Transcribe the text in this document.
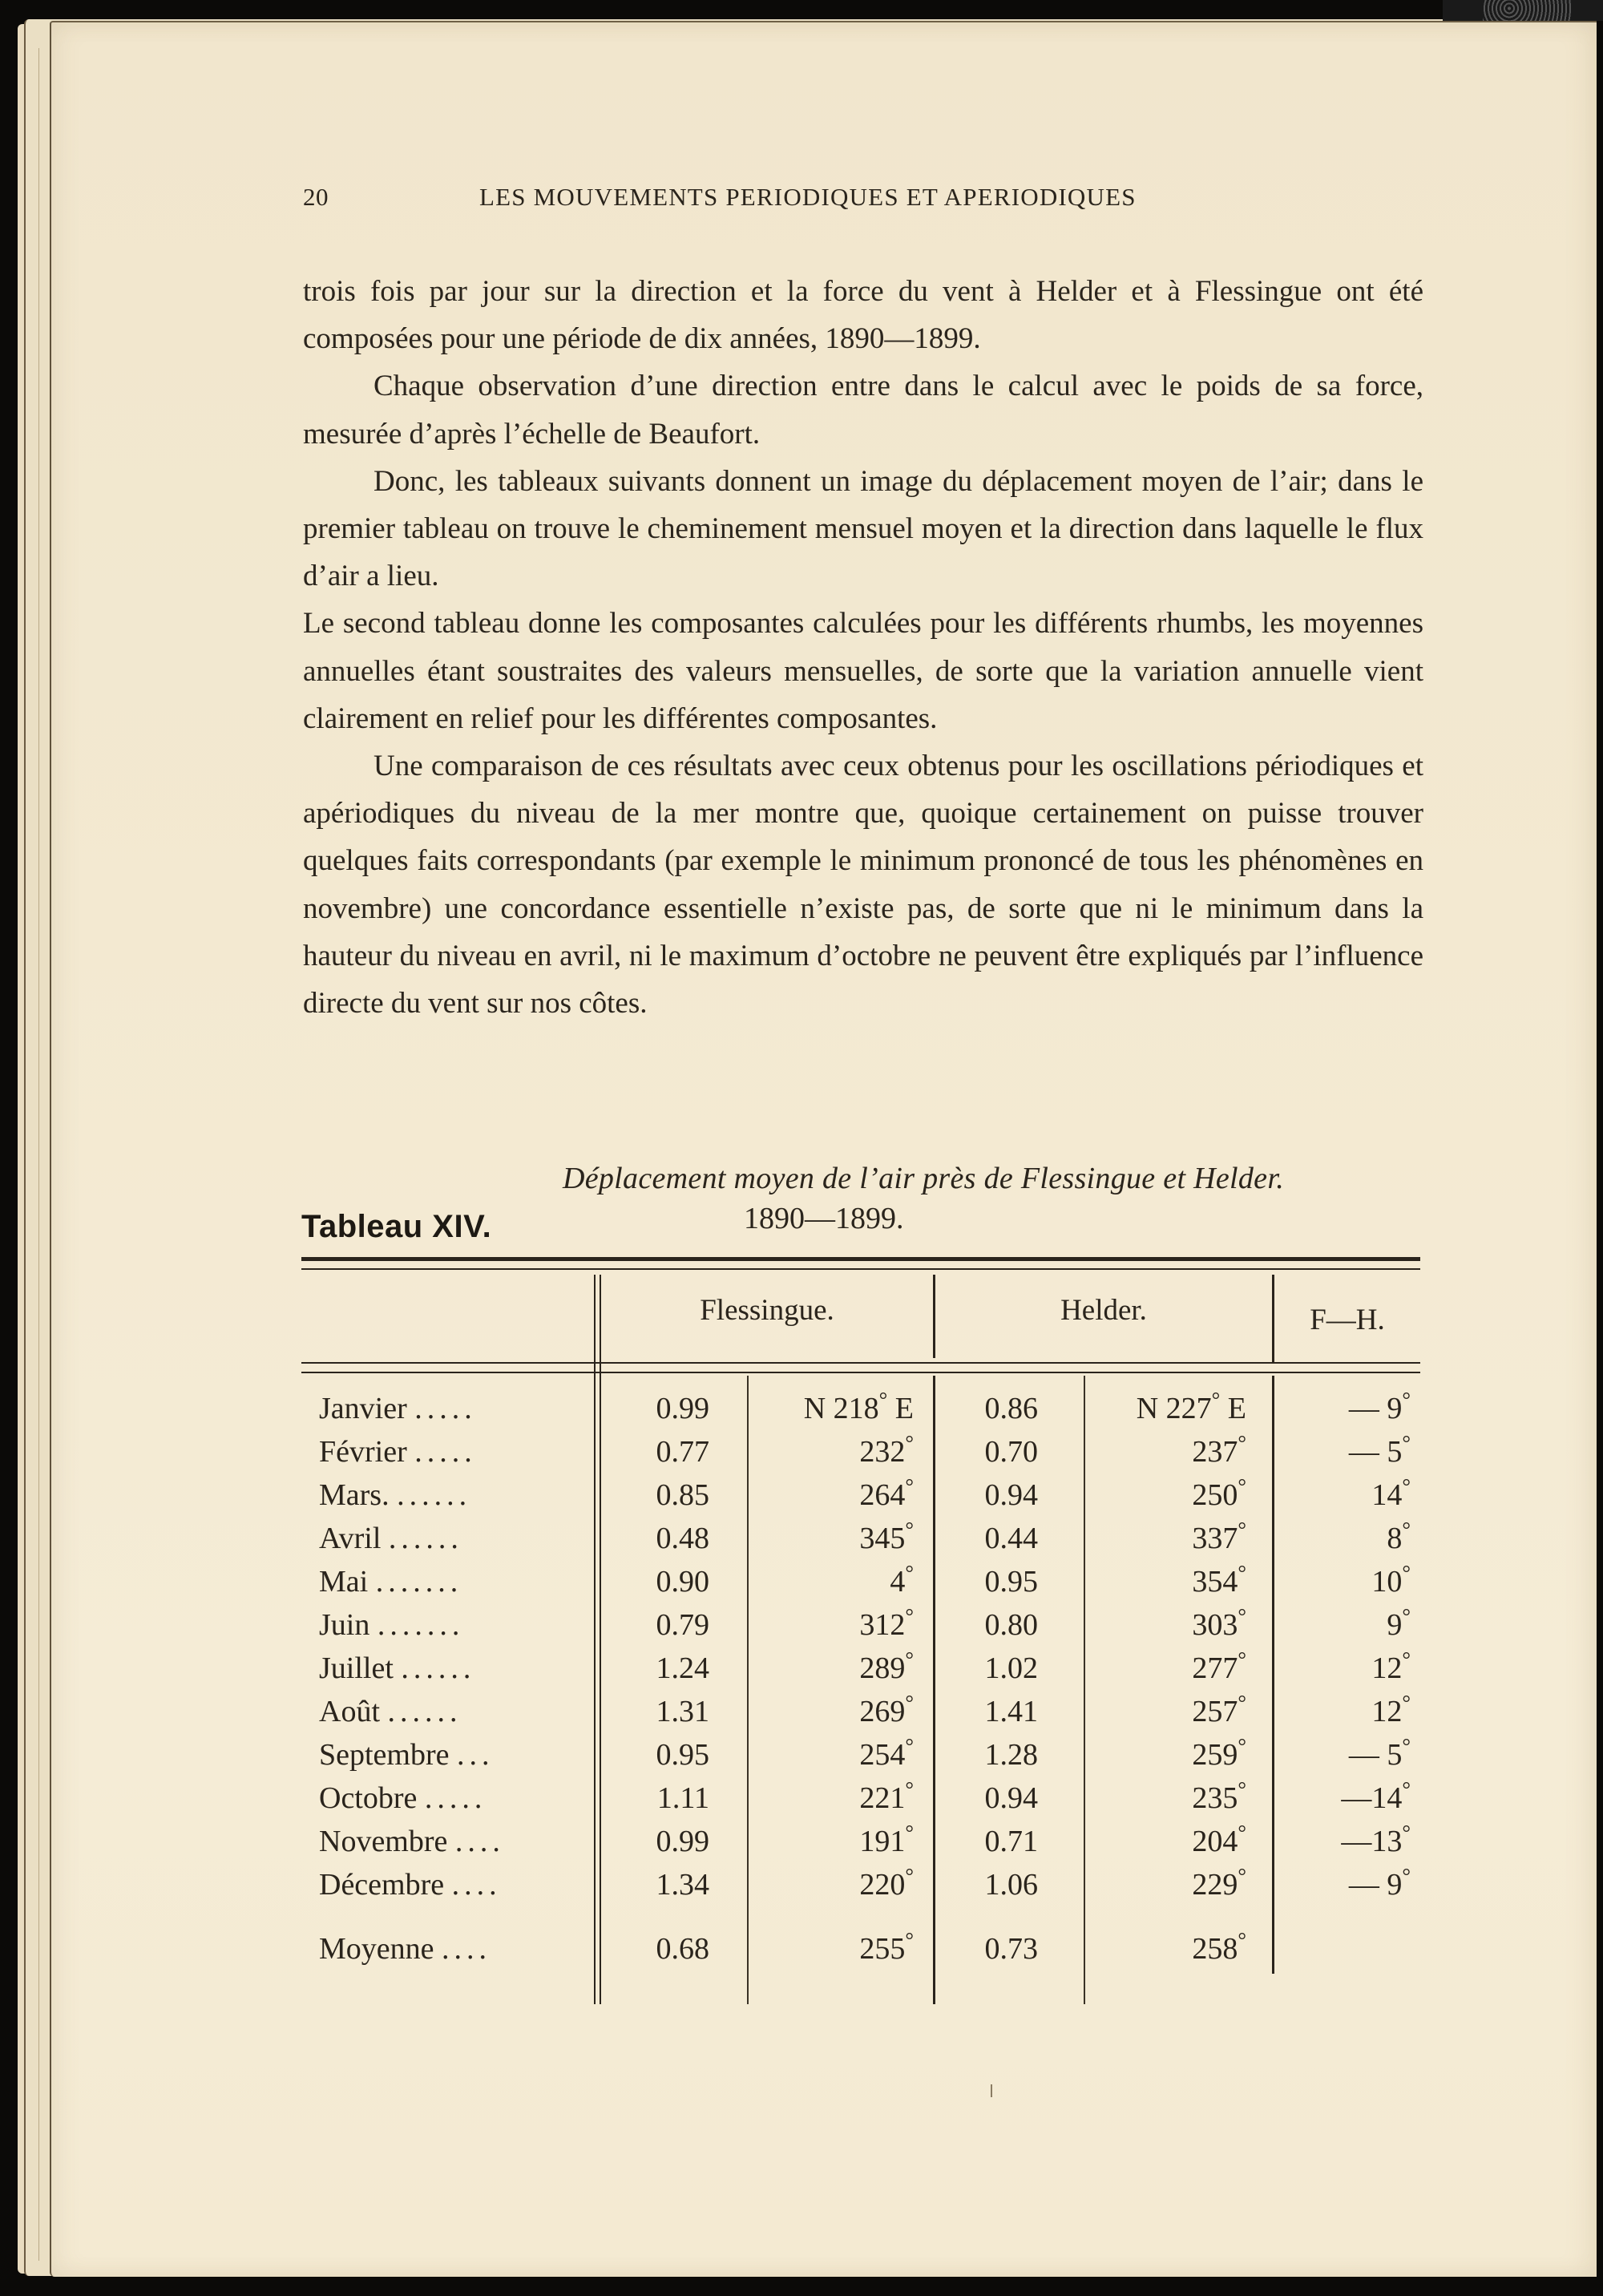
20	LES MOUVEMENTS PERIODIQUES ET APERIODIQUES

trois fois par jour sur la direction et la force du vent à Helder et à Flessingue ont été composées pour une période de dix années, 1890—1899.

Chaque observation d’une direction entre dans le calcul avec le poids de sa force, mesurée d’après l’échelle de Beaufort.

Donc, les tableaux suivants donnent un image du déplacement moyen de l’air; dans le premier tableau on trouve le cheminement mensuel moyen et la direction dans laquelle le flux d’air a lieu.

Le second tableau donne les composantes calculées pour les différents rhumbs, les moyennes annuelles étant soustraites des valeurs mensuelles, de sorte que la variation annuelle vient clairement en relief pour les différentes composantes.

Une comparaison de ces résultats avec ceux obtenus pour les oscillations périodiques et apériodiques du niveau de la mer montre que, quoique certainement on puisse trouver quelques faits correspondants (par exemple le minimum prononcé de tous les phénomènes en novembre) une concordance essentielle n’existe pas, de sorte que ni le minimum dans la hauteur du niveau en avril, ni le maximum d’octobre ne peuvent être expliqués par l’influence directe du vent sur nos côtes.

Déplacement moyen de l’air près de Flessingue et Helder.
Tableau XIV.	1890—1899.
Flessingue.	Helder.	F—H.
Janvier .....	0.99	N 218° E	0.86	N 227° E	— 9°
Février .....	0.77	232°	0.70	237°	— 5°
Mars. ......	0.85	264°	0.94	250°	14°
Avril ......	0.48	345°	0.44	337°	8°
Mai .......	0.90	4°	0.95	354°	10°
Juin .......	0.79	312°	0.80	303°	9°
Juillet ......	1.24	289°	1.02	277°	12°
Août ......	1.31	269°	1.41	257°	12°
Septembre ...	0.95	254°	1.28	259°	— 5°
Octobre .....	1.11	221°	0.94	235°	—14°
Novembre ....	0.99	191°	0.71	204°	—13°
Décembre ....	1.34	220°	1.06	229°	— 9°
Moyenne ....	0.68	255°	0.73	258°
